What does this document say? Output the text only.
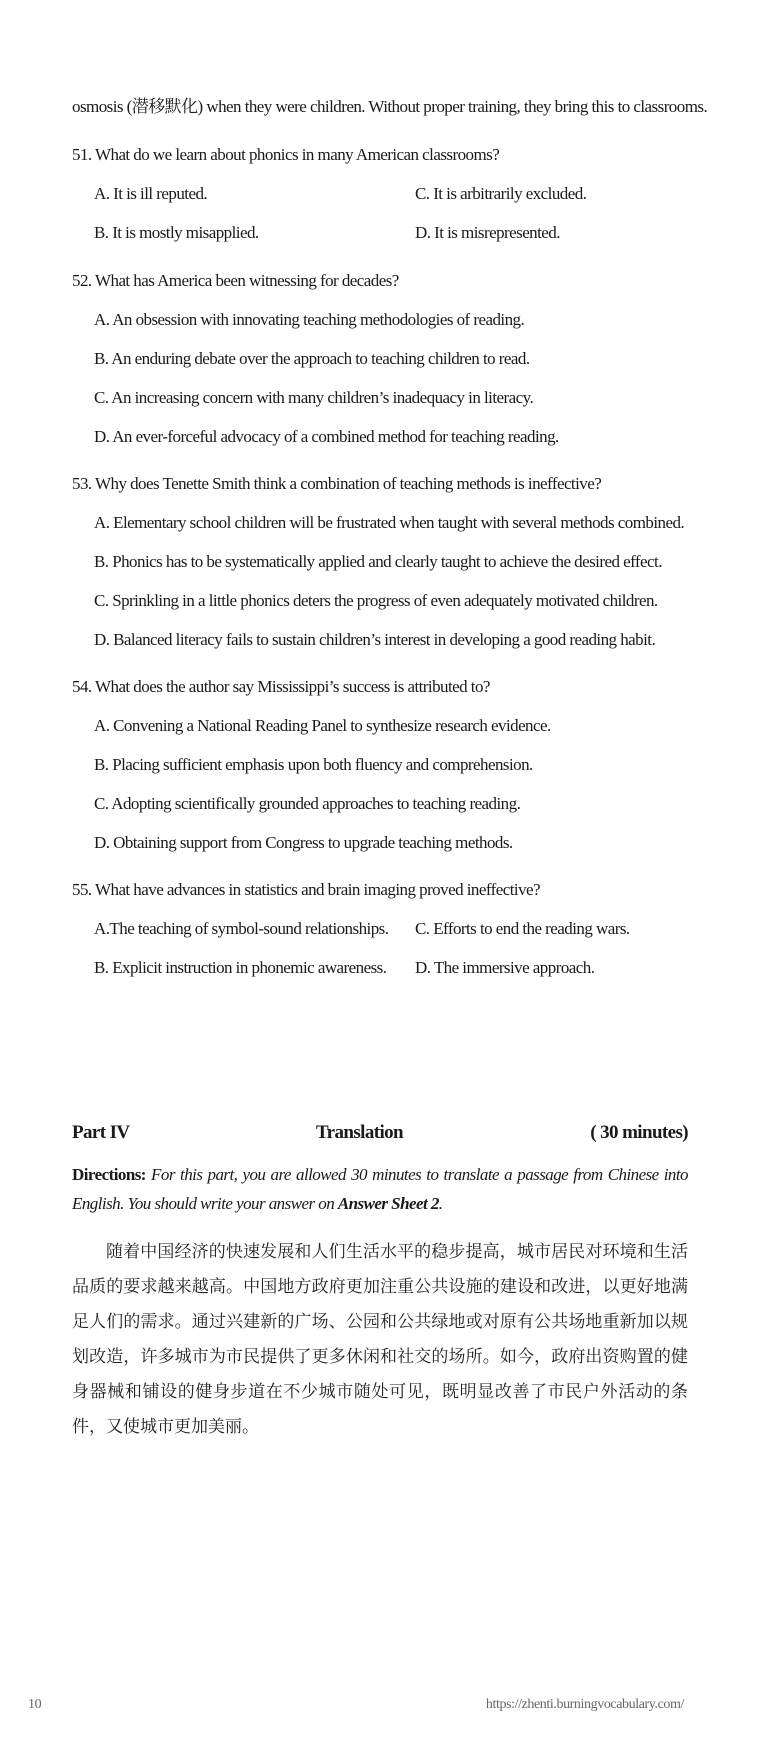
osmosis (潜移默化) when they were children. Without proper training, they bring this to classrooms.
51. What do we learn about phonics in many American classrooms?
A. It is ill reputed.	C. It is arbitrarily excluded.
B. It is mostly misapplied.	D. It is misrepresented.
52. What has America been witnessing for decades?
A. An obsession with innovating teaching methodologies of reading.
B. An enduring debate over the approach to teaching children to read.
C. An increasing concern with many children’s inadequacy in literacy.
D. An ever-forceful advocacy of a combined method for teaching reading.
53. Why does Tenette Smith think a combination of teaching methods is ineffective?
A. Elementary school children will be frustrated when taught with several methods combined.
B. Phonics has to be systematically applied and clearly taught to achieve the desired effect.
C. Sprinkling in a little phonics deters the progress of even adequately motivated children.
D. Balanced literacy fails to sustain children’s interest in developing a good reading habit.
54. What does the author say Mississippi’s success is attributed to?
A. Convening a National Reading Panel to synthesize research evidence.
B. Placing sufficient emphasis upon both fluency and comprehension.
C. Adopting scientifically grounded approaches to teaching reading.
D. Obtaining support from Congress to upgrade teaching methods.
55. What have advances in statistics and brain imaging proved ineffective?
A.The teaching of symbol-sound relationships. C. Efforts to end the reading wars.
B. Explicit instruction in phonemic awareness. D. The immersive approach.
Part IV	Translation	( 30 minutes)
Directions: For this part, you are allowed 30 minutes to translate a passage from Chinese into English. You should write your answer on Answer Sheet 2.
随着中国经济的快速发展和人们生活水平的稳步提高，城市居民对环境和生活品质的要求越来越高。中国地方政府更加注重公共设施的建设和改进，以更好地满足人们的需求。通过兴建新的广场、公园和公共绿地或对原有公共场地重新加以规划改造，许多城市为市民提供了更多休闲和社交的场所。如今，政府出资购置的健身器械和铺设的健身步道在不少城市随处可见，既明显改善了市民户外活动的条件，又使城市更加美丽。
10	https://zhenti.burningvocabulary.com/
